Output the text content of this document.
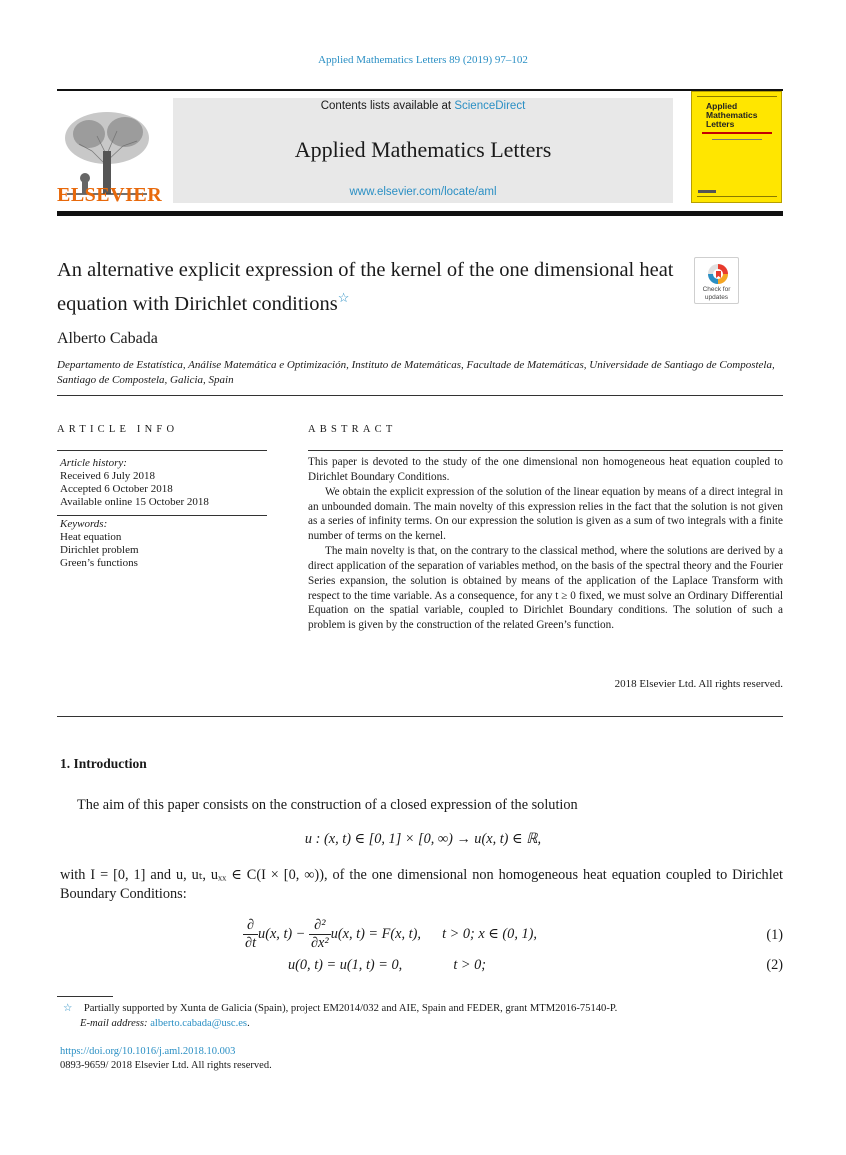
Applied Mathematics Letters 89 (2019) 97–102
ELSEVIER
Contents lists available at ScienceDirect
Applied Mathematics Letters
www.elsevier.com/locate/aml
Applied Mathematics Letters
An alternative explicit expression of the kernel of the one dimensional heat equation with Dirichlet conditions☆
Check for updates
Alberto Cabada
Departamento de Estatística, Análise Matemática e Optimización, Instituto de Matemáticas, Facultade de Matemáticas, Universidade de Santiago de Compostela, Santiago de Compostela, Galicia, Spain
ARTICLE INFO	ABSTRACT
Article history:
Received 6 July 2018
Accepted 6 October 2018
Available online 15 October 2018
Keywords:
Heat equation
Dirichlet problem
Green’s functions

This paper is devoted to the study of the one dimensional non homogeneous heat equation coupled to Dirichlet Boundary Conditions.

We obtain the explicit expression of the solution of the linear equation by means of a direct integral in an unbounded domain. The main novelty of this expression relies in the fact that the solution is not given as a series of infinity terms. On our expression the solution is given as a sum of two integrals with a finite number of terms on the kernel.

The main novelty is that, on the contrary to the classical method, where the solutions are derived by a direct application of the separation of variables method, on the basis of the spectral theory and the Fourier Series expansion, the solution is obtained by means of the application of the Laplace Transform with respect to the time variable. As a consequence, for any t ≥ 0 fixed, we must solve an Ordinary Differential Equation on the spatial variable, coupled to Dirichlet Boundary conditions. The solution of such a problem is given by the construction of the related Green’s function.

2018 Elsevier Ltd. All rights reserved.
1. Introduction
The aim of this paper consists on the construction of a closed expression of the solution
u : (x, t) ∈ [0, 1] × [0, ∞) → u(x, t) ∈ ℝ,
with I = [0, 1] and u, uₜ, uₓₓ ∈ C(I × [0, ∞)), of the one dimensional non homogeneous heat equation coupled to Dirichlet Boundary Conditions:
$\frac{\partial}{\partial t} u(x$, $t) - \frac{\text{∂²}}{\text{∂x²}} u(x$, t) = F(x, t), t > 0; x ∈ (0, 1),	(1)
u(0, t) = u(1, t) = 0,	t > 0;	(2)
☆ Partially supported by Xunta de Galicia (Spain), project EM2014/032 and AIE, Spain and FEDER, grant MTM2016-75140-P.
E-mail address: alberto.cabada@usc.es.
https://doi.org/10.1016/j.aml.2018.10.003
0893-9659/ 2018 Elsevier Ltd. All rights reserved.
